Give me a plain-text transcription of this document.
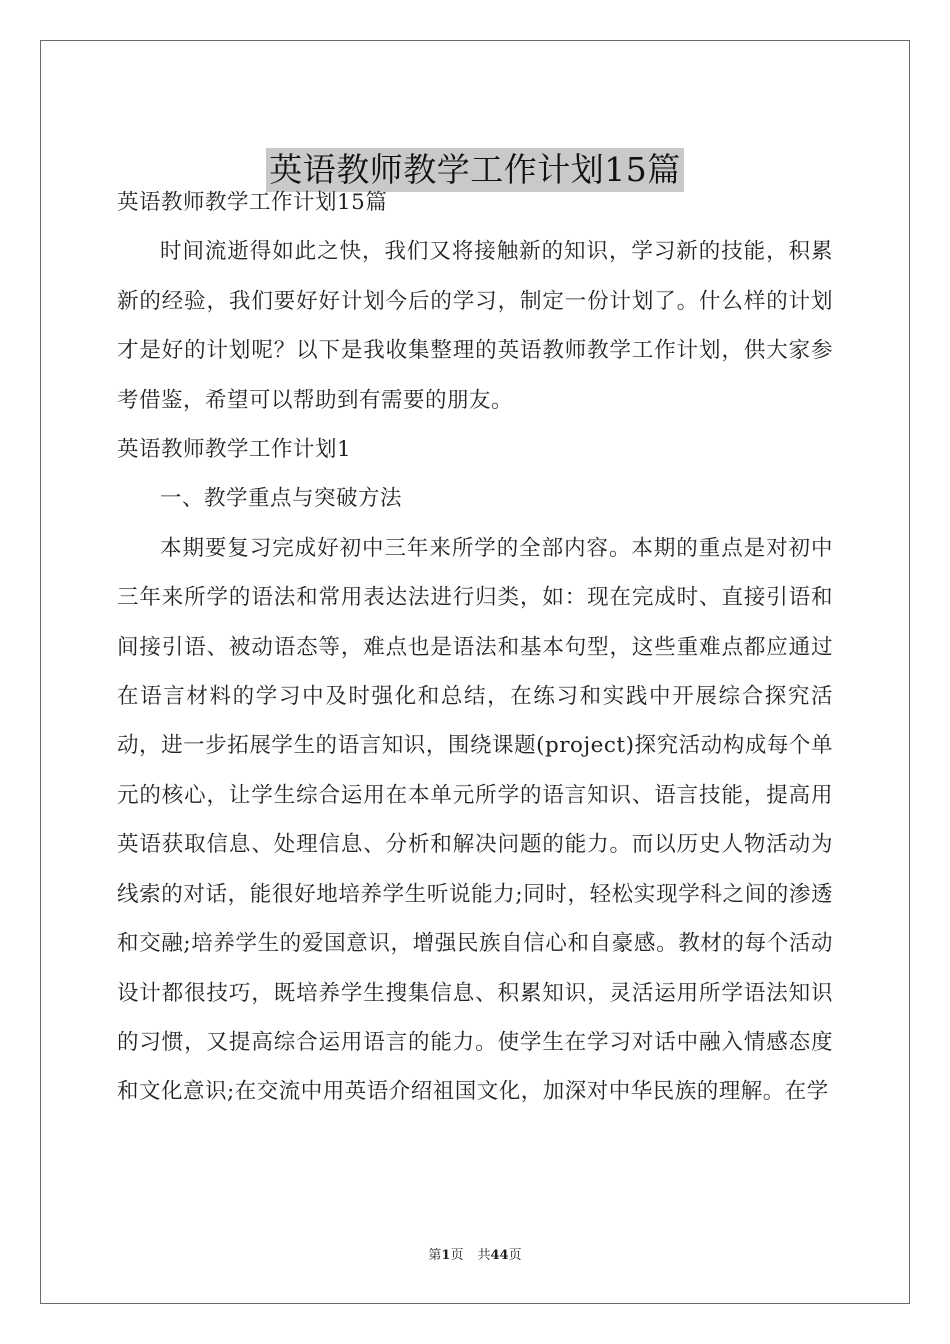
英语教师教学工作计划15篇

英语教师教学工作计划15篇

时间流逝得如此之快，我们又将接触新的知识，学习新的技能，积累新的经验，我们要好好计划今后的学习，制定一份计划了。什么样的计划才是好的计划呢？以下是我收集整理的英语教师教学工作计划，供大家参考借鉴，希望可以帮助到有需要的朋友。

英语教师教学工作计划1

一、教学重点与突破方法

本期要复习完成好初中三年来所学的全部内容。本期的重点是对初中三年来所学的语法和常用表达法进行归类，如：现在完成时、直接引语和间接引语、被动语态等，难点也是语法和基本句型，这些重难点都应通过在语言材料的学习中及时强化和总结，在练习和实践中开展综合探究活动，进一步拓展学生的语言知识，围绕课题(project)探究活动构成每个单元的核心，让学生综合运用在本单元所学的语言知识、语言技能，提高用英语获取信息、处理信息、分析和解决问题的能力。而以历史人物活动为线索的对话，能很好地培养学生听说能力;同时，轻松实现学科之间的渗透和交融;培养学生的爱国意识，增强民族自信心和自豪感。教材的每个活动设计都很技巧，既培养学生搜集信息、积累知识，灵活运用所学语法知识的习惯，又提高综合运用语言的能力。使学生在学习对话中融入情感态度和文化意识;在交流中用英语介绍祖国文化，加深对中华民族的理解。在学

第1页 共44页
